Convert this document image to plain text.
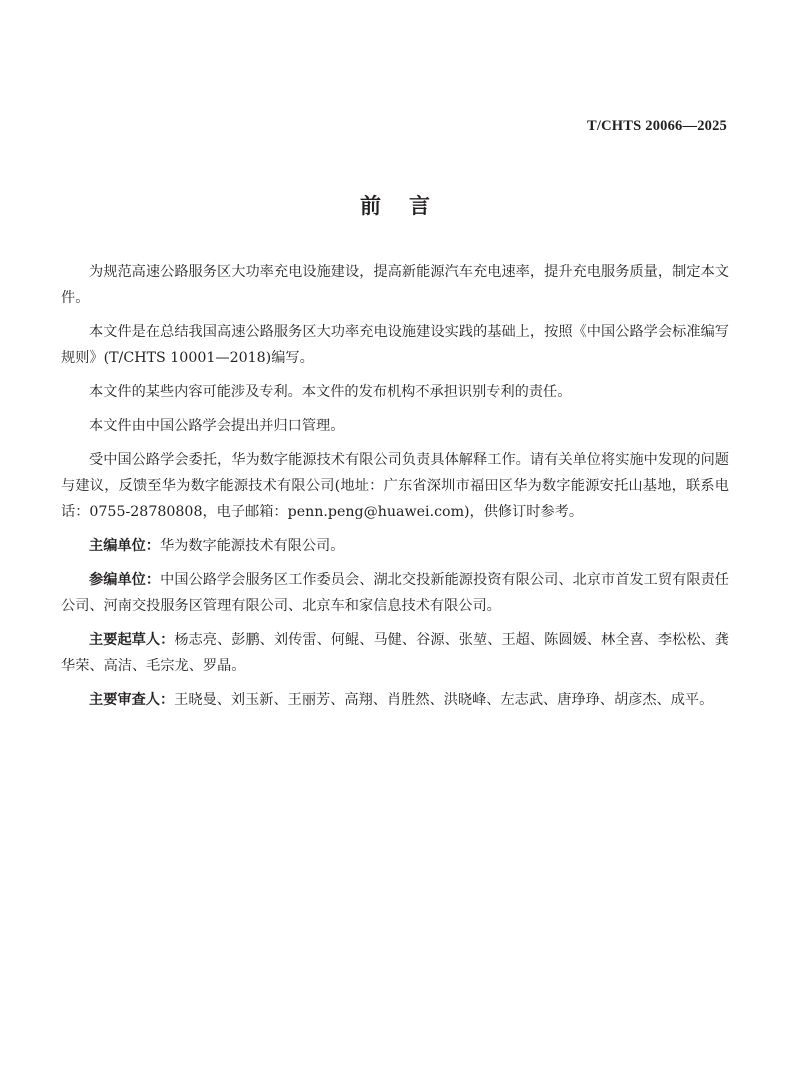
T/CHTS 20066—2025
前言

为规范高速公路服务区大功率充电设施建设，提高新能源汽车充电速率，提升充电服务质量，制定本文件。

本文件是在总结我国高速公路服务区大功率充电设施建设实践的基础上，按照《中国公路学会标准编写规则》(T/CHTS 10001—2018)编写。

本文件的某些内容可能涉及专利。本文件的发布机构不承担识别专利的责任。

本文件由中国公路学会提出并归口管理。

受中国公路学会委托，华为数字能源技术有限公司负责具体解释工作。请有关单位将实施中发现的问题与建议，反馈至华为数字能源技术有限公司(地址：广东省深圳市福田区华为数字能源安托山基地，联系电话：0755-28780808，电子邮箱：penn.peng@huawei.com)，供修订时参考。

主编单位：华为数字能源技术有限公司。

参编单位：中国公路学会服务区工作委员会、湖北交投新能源投资有限公司、北京市首发工贸有限责任公司、河南交投服务区管理有限公司、北京车和家信息技术有限公司。

主要起草人：杨志亮、彭鹏、刘传雷、何鲲、马健、谷源、张堃、王超、陈圆媛、林全喜、李松松、龚华荣、高洁、毛宗龙、罗晶。

主要审查人：王晓曼、刘玉新、王丽芳、高翔、肖胜然、洪晓峰、左志武、唐琤琤、胡彦杰、成平。
